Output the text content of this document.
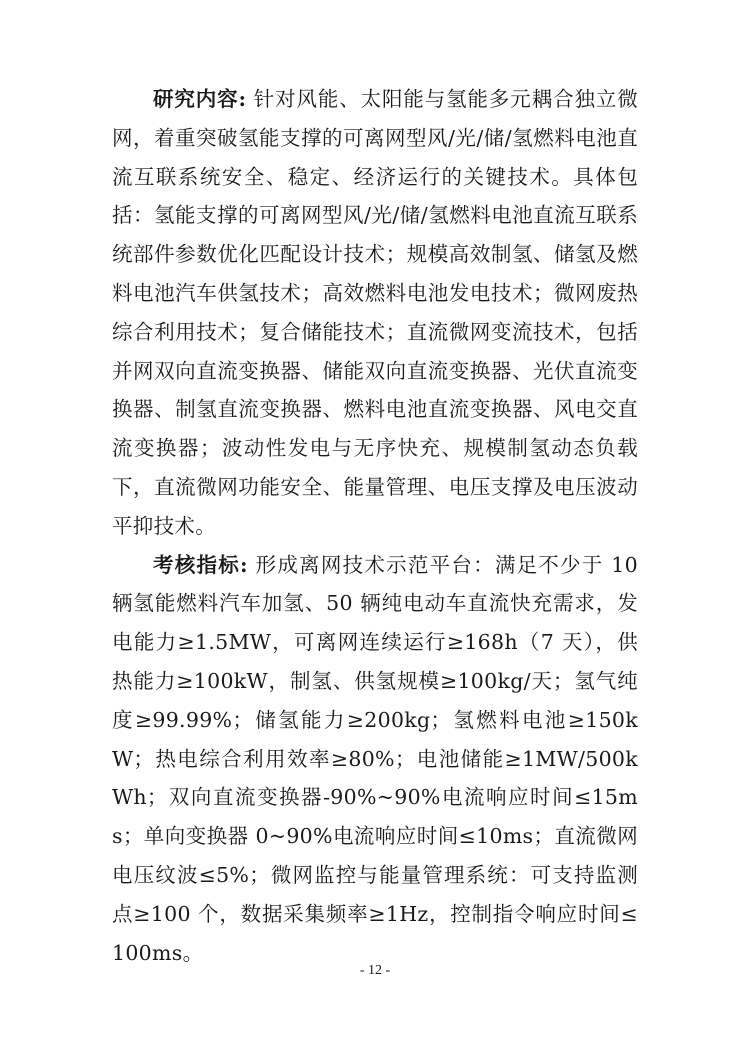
研究内容: 针对风能、太阳能与氢能多元耦合独立微网，着重突破氢能支撑的可离网型风/光/储/氢燃料电池直流互联系统安全、稳定、经济运行的关键技术。具体包括：氢能支撑的可离网型风/光/储/氢燃料电池直流互联系统部件参数优化匹配设计技术；规模高效制氢、储氢及燃料电池汽车供氢技术；高效燃料电池发电技术；微网废热综合利用技术；复合储能技术；直流微网变流技术，包括并网双向直流变换器、储能双向直流变换器、光伏直流变换器、制氢直流变换器、燃料电池直流变换器、风电交直流变换器；波动性发电与无序快充、规模制氢动态负载下，直流微网功能安全、能量管理、电压支撑及电压波动平抑技术。

考核指标: 形成离网技术示范平台：满足不少于 10 辆氢能燃料汽车加氢、50 辆纯电动车直流快充需求，发电能力≥1.5MW，可离网连续运行≥168h（7 天），供热能力≥100kW，制氢、供氢规模≥100kg/天；氢气纯度≥99.99%；储氢能力≥200kg；氢燃料电池≥150kW；热电综合利用效率≥80%；电池储能≥1MW/500kWh；双向直流变换器-90%~90%电流响应时间≤15ms；单向变换器 0~90%电流响应时间≤10ms；直流微网电压纹波≤5%；微网监控与能量管理系统：可支持监测点≥100 个，数据采集频率≥1Hz，控制指令响应时间≤100ms。

- 12 -
